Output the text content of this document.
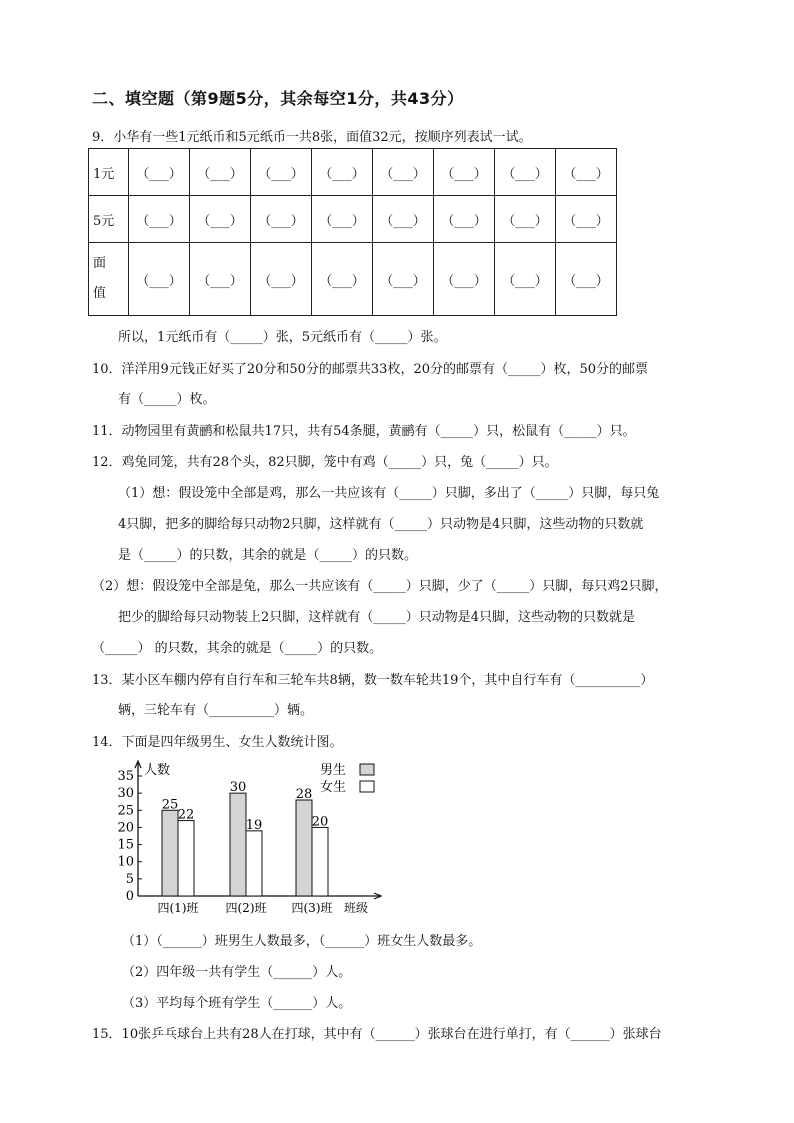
二、填空题（第9题5分，其余每空1分，共43分）
9．小华有一些1元纸币和5元纸币一共8张，面值32元，按顺序列表试一试。
1元	（___）	（___）	（___）	（___）	（___）	（___）	（___）	（___）
5元	（___）	（___）	（___）	（___）	（___）	（___）	（___）	（___）
面
值	（___）	（___）	（___）	（___）	（___）	（___）	（___）	（___）
所以，1元纸币有（_____）张，5元纸币有（_____）张。
10．洋洋用9元钱正好买了20分和50分的邮票共33枚，20分的邮票有（_____）枚，50分的邮票
有（_____）枚。
11．动物园里有黄鹂和松鼠共17只，共有54条腿，黄鹂有（_____）只，松鼠有（_____）只。
12．鸡兔同笼，共有28个头，82只脚，笼中有鸡（_____）只，兔（_____）只。
（1）想：假设笼中全部是鸡，那么一共应该有（_____）只脚，多出了（_____）只脚，每只兔
4只脚，把多的脚给每只动物2只脚，这样就有（_____）只动物是4只脚，这些动物的只数就
是（_____）的只数，其余的就是（_____）的只数。
（2）想：假设笼中全部是兔，那么一共应该有（_____）只脚，少了（_____）只脚，每只鸡2只脚，
把少的脚给每只动物装上2只脚，这样就有（_____）只动物是4只脚，这些动物的只数就是
（_____） 的只数，其余的就是（_____）的只数。
13．某小区车棚内停有自行车和三轮车共8辆，数一数车轮共19个，其中自行车有（__________）
辆，三轮车有（__________）辆。
14．下面是四年级男生、女生人数统计图。
0
5
10
15
20
25
30
35 人数
25
22
四(1)班
30
19
四(2)班
28
20
四(3)班 班级
男生
女生
（1）（______）班男生人数最多，（______）班女生人数最多。
（2）四年级一共有学生（______）人。
（3）平均每个班有学生（______）人。
15．10张乒乓球台上共有28人在打球，其中有（______）张球台在进行单打，有（______）张球台
